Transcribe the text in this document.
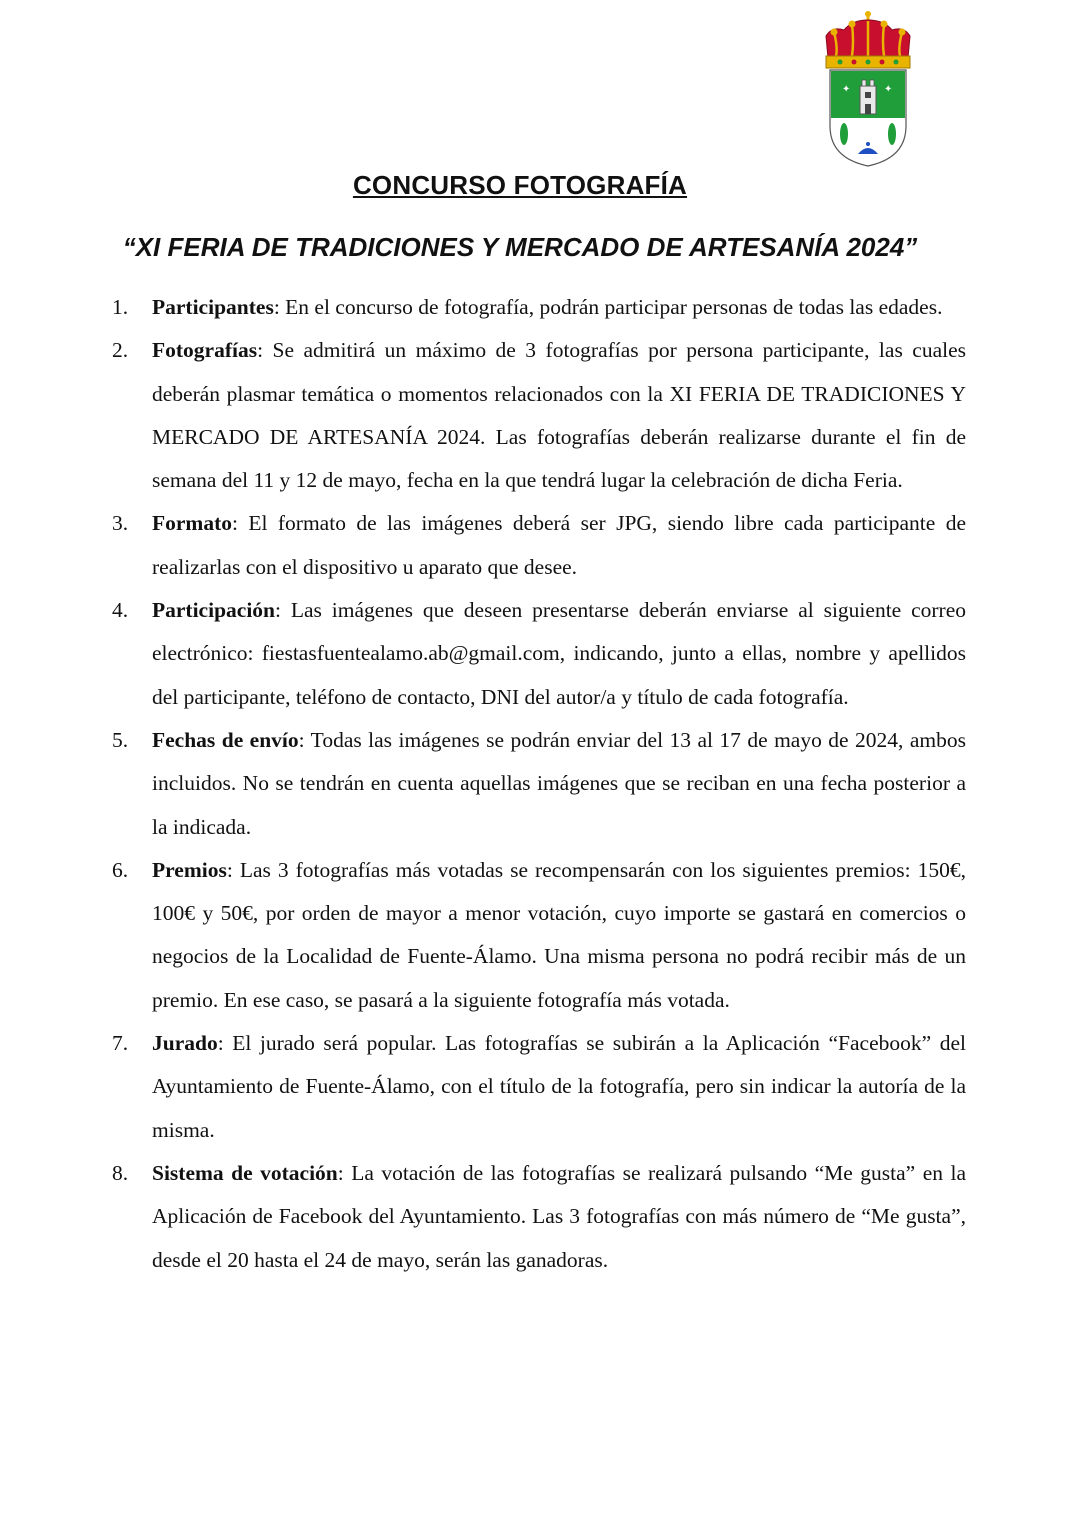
✦	✦
CONCURSO FOTOGRAFÍA
“XI FERIA DE TRADICIONES Y MERCADO DE ARTESANÍA 2024”
1. Participantes: En el concurso de fotografía, podrán participar personas de todas las edades.
2. Fotografías: Se admitirá un máximo de 3 fotografías por persona participante, las cuales deberán plasmar temática o momentos relacionados con la XI FERIA DE TRADICIONES Y MERCADO DE ARTESANÍA 2024. Las fotografías deberán realizarse durante el fin de semana del 11 y 12 de mayo, fecha en la que tendrá lugar la celebración de dicha Feria.
3. Formato: El formato de las imágenes deberá ser JPG, siendo libre cada participante de realizarlas con el dispositivo u aparato que desee.
4. Participación: Las imágenes que deseen presentarse deberán enviarse al siguiente correo electrónico: fiestasfuentealamo.ab@gmail.com, indicando, junto a ellas, nombre y apellidos del participante, teléfono de contacto, DNI del autor/a y título de cada fotografía.
5. Fechas de envío: Todas las imágenes se podrán enviar del 13 al 17 de mayo de 2024, ambos incluidos. No se tendrán en cuenta aquellas imágenes que se reciban en una fecha posterior a la indicada.
6. Premios: Las 3 fotografías más votadas se recompensarán con los siguientes premios: 150€, 100€ y 50€, por orden de mayor a menor votación, cuyo importe se gastará en comercios o negocios de la Localidad de Fuente-Álamo. Una misma persona no podrá recibir más de un premio. En ese caso, se pasará a la siguiente fotografía más votada.
7. Jurado: El jurado será popular. Las fotografías se subirán a la Aplicación “Facebook” del Ayuntamiento de Fuente-Álamo, con el título de la fotografía, pero sin indicar la autoría de la misma.
8. Sistema de votación: La votación de las fotografías se realizará pulsando “Me gusta” en la Aplicación de Facebook del Ayuntamiento. Las 3 fotografías con más número de “Me gusta”, desde el 20 hasta el 24 de mayo, serán las ganadoras.
